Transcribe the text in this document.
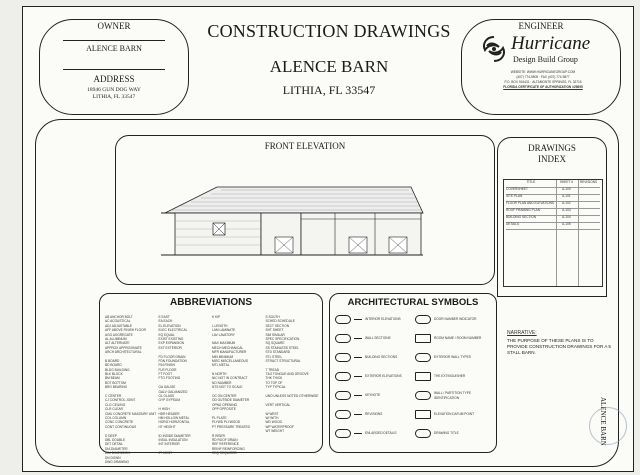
OWNER
ALENCE BARN
ADDRESS
18946 GUN DOG WAY
LITHIA, FL 33547
CONSTRUCTION DRAWINGS
ALENCE BARN
LITHIA, FL 33547
ENGINEER
Hurricane
Design Build Group
WEBSITE: WWW.HURRICANEGROUP.COM
(407) 774-9805 · FAX (407) 774-9877
P.O. BOX 916431 · ALTAMONTE SPRINGS, FL 32716
FLORIDA CERTIFICATE OF AUTHORIZATION #29895
FRONT ELEVATION	DRAWINGS
INDEX
TITLE	SHEET #	REVISIONS
COVERSHEET	A-100
SITE PLAN	A-101
FLOOR PLAN AND ELEVATIONS	A-102
ROOF FRAMING PLAN	A-103
BUILDING SECTION	A-104
DETAILS	A-105
ABBREVIATIONS
AB ANCHOR BOLT
AC ACOUSTICAL
ADJ ADJUSTABLE
AFF ABOVE FINISH FLOOR
AGG AGGREGATE
AL ALUMINUM
ALT ALTERNATE
APPROX APPROXIMATE
ARCH ARCHITECTURAL
B BOARD
BD BOARD
BLDG BUILDING
BLK BLOCK
BM BEAM
BOT BOTTOM
BRG BEARING
C CENTER
CJ CONTROL JOINT
CLG CEILING
CLR CLEAR
CMU CONCRETE MASONRY UNIT
COL COLUMN
CONC CONCRETE
CONT CONTINUOUS
D DEEP
DBL DOUBLE
DET DETAIL
DIA DIAMETER
DIM DIMENSION
DN DOWN
DWG DRAWING
E EAST
EA EACH
EL ELEVATION
ELEC ELECTRICAL
EQ EQUAL
EXIST EXISTING
EXP EXPANSION
EXT EXTERIOR
FD FLOOR DRAIN
FDN FOUNDATION
FIN FINISH
FLR FLOOR
FT FOOT
FTG FOOTING
GA GAUGE
GALV GALVANIZED
GL GLASS
GYP GYPSUM
H HIGH
HDR HEADER
HM HOLLOW METAL
HORIZ HORIZONTAL
HT HEIGHT
ID INSIDE DIAMETER
INSUL INSULATION
INT INTERIOR
JT JOINT
K KIP
L LENGTH
LAM LAMINATE
LAV LAVATORY
MAX MAXIMUM
MECH MECHANICAL
MFR MANUFACTURER
MIN MINIMUM
MISC MISCELLANEOUS
MTL METAL
N NORTH
NIC NOT IN CONTRACT
NO NUMBER
NTS NOT TO SCALE
OC ON CENTER
OD OUTSIDE DIAMETER
OPNG OPENING
OPP OPPOSITE
PL PLATE
PLYWD PLYWOOD
PT PRESSURE TREATED
R RISER
RD ROOF DRAIN
REF REFERENCE
REINF REINFORCING
REQ REQUIRED
S SOUTH
SCHED SCHEDULE
SECT SECTION
SHT SHEET
SIM SIMILAR
SPEC SPECIFICATION
SQ SQUARE
SS STAINLESS STEEL
STD STANDARD
STL STEEL
STRUCT STRUCTURAL
T TREAD
T&G TONGUE AND GROOVE
THK THICK
TO TOP OF
TYP TYPICAL
UNO UNLESS NOTED OTHERWISE
VERT VERTICAL
W WEST
W/ WITH
WD WOOD
WP WATERPROOF
WT WEIGHT
ARCHITECTURAL SYMBOLS
INTERIOR ELEVATIONS
WALL SECTIONS
BUILDING SECTIONS
EXTERIOR ELEVATIONS
KEYNOTE
REVISIONS
ENLARGED DETAILS
DOOR NUMBER INDICATOR
ROOM NAME / ROOM NUMBER
EXTERIOR WALL TYPES
THE EXTINGUISHER
WALL / PARTITION TYPE IDENTIFICATION
ELEVATION DATUM POINT
DRAWING TITLE
NARRATIVE:
THE PURPOSE OF THESE PLANS IS TO PROVIDE CONSTRUCTION DRAWINGS FOR A 5 STALL BARN.
ALENCE BARN
